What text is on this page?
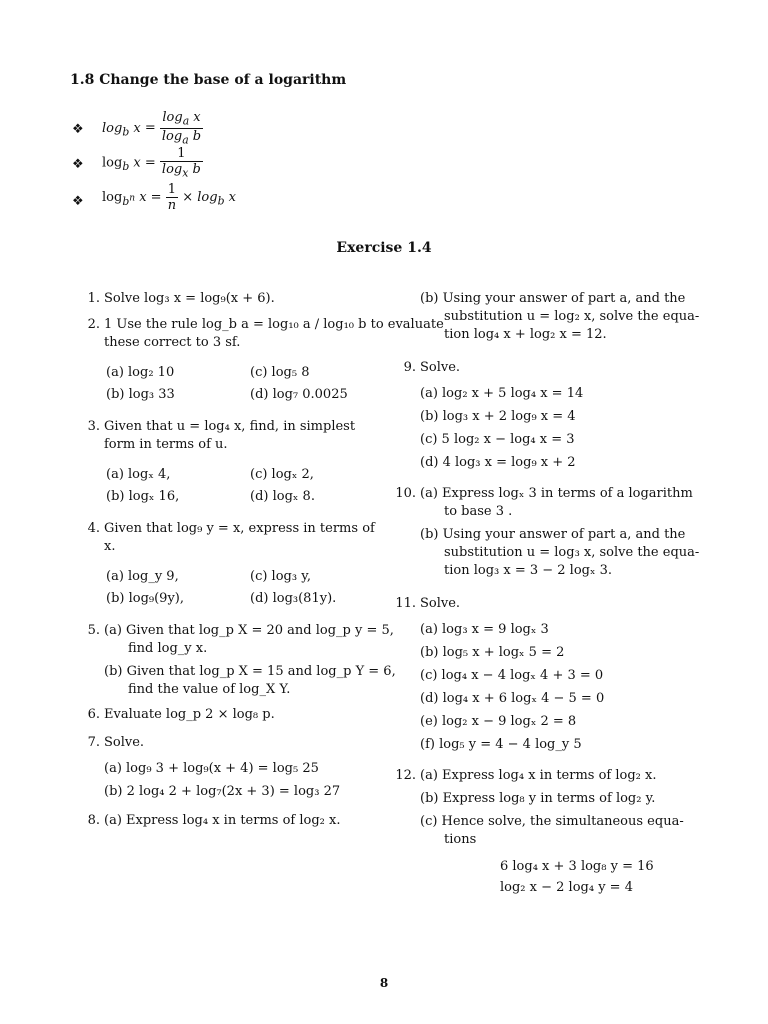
1.8 Change the base of a logarithm
❖ $\log_b x = \frac{\log_a x}{\log_a b}$
❖ $\log_b x = \frac{1}{\log_x b}$
❖ $\log_{b^n} x = \frac{1}{n} \times \log_b x$
Exercise 1.4
1. Solve log₃ x = log₉(x + 6).
2. 1 Use the rule log_b a = log₁₀ a / log₁₀ b to evaluate
these correct to 3 sf.
(a) log₂ 10	(c) log₅ 8
(b) log₃ 33	(d) log₇ 0.0025
3. Given that u = log₄ x, find, in simplest
form in terms of u.
(a) logₓ 4,	(c) logₓ 2,
(b) logₓ 16,	(d) logₓ 8.
4. Given that log₉ y = x, express in terms of
x.
(a) log_y 9,	(c) log₃ y,
(b) log₉(9y),	(d) log₃(81y).
5. (a) Given that log_p X = 20 and log_p y = 5,
find log_y x.
(b) Given that log_p X = 15 and log_p Y = 6,
find the value of log_X Y.
6. Evaluate log_p 2 × log₈ p.
7. Solve.
(a) log₉ 3 + log₉(x + 4) = log₅ 25
(b) 2 log₄ 2 + log₇(2x + 3) = log₃ 27
8. (a) Express log₄ x in terms of log₂ x.
(b) Using your answer of part a, and the
substitution u = log₂ x, solve the equa-
tion log₄ x + log₂ x = 12.
9. Solve.
(a) log₂ x + 5 log₄ x = 14
(b) log₃ x + 2 log₉ x = 4
(c) 5 log₂ x − log₄ x = 3
(d) 4 log₃ x = log₉ x + 2
10. (a) Express logₓ 3 in terms of a logarithm
to base 3 .
(b) Using your answer of part a, and the
substitution u = log₃ x, solve the equa-
tion log₃ x = 3 − 2 logₓ 3.
11. Solve.
(a) log₃ x = 9 logₓ 3
(b) log₅ x + logₓ 5 = 2
(c) log₄ x − 4 logₓ 4 + 3 = 0
(d) log₄ x + 6 logₓ 4 − 5 = 0
(e) log₂ x − 9 logₓ 2 = 8
(f) log₅ y = 4 − 4 log_y 5
12. (a) Express log₄ x in terms of log₂ x.
(b) Express log₈ y in terms of log₂ y.
(c) Hence solve, the simultaneous equa-
tions
6 log₄ x + 3 log₈ y = 16
log₂ x − 2 log₄ y = 4
8
